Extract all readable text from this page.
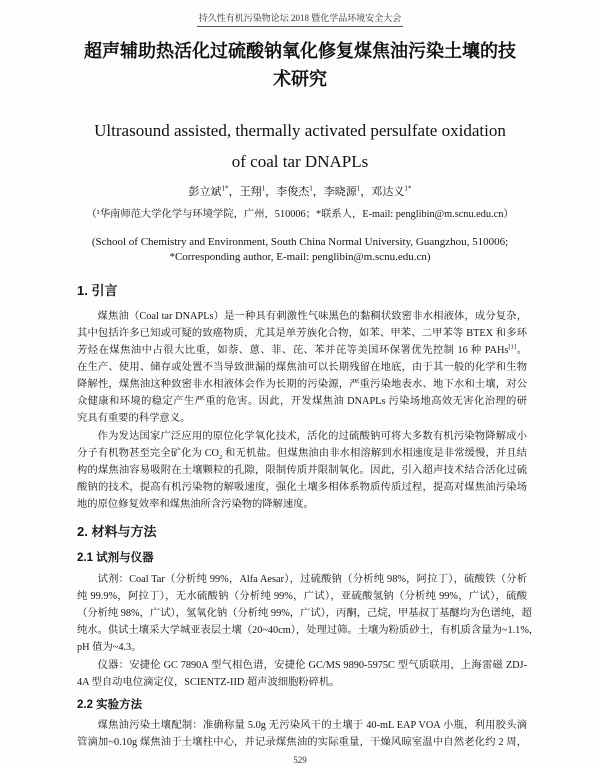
持久性有机污染物论坛 2018 暨化学品环境安全大会
超声辅助热活化过硫酸钠氧化修复煤焦油污染土壤的技
术研究
Ultrasound assisted, thermally activated persulfate oxidation
of coal tar DNAPLs
彭立斌$^{1*}$，王翔$^1$，李俊杰$^1$，李晓源$^1$，邓达义$^{1*}$
（¹华南师范大学化学与环境学院，广州，510006；*联系人，E-mail: penglibin@m.scnu.edu.cn）
(School of Chemistry and Environment, South China Normal University, Guangzhou, 510006;
*Corresponding author, E-mail: penglibin@m.scnu.edu.cn)
1. 引言
煤焦油（Coal tar DNAPLs）是一种具有刺激性气味黑色的黏稠状致密非水相液体，成分复杂，
其中包括许多已知或可疑的致癌物质，尤其是单芳族化合物，如苯、甲苯、二甲苯等 BTEX 和多环
芳烃在煤焦油中占很大比重，如萘、蒽、菲、芘、苯并芘等美国环保署优先控制 16 种 PAHs[1]。
在生产、使用、储存或处置不当导致泄漏的煤焦油可以长期残留在地底，由于其一般的化学和生物
降解性，煤焦油这种致密非水相液体会作为长期的污染源，严重污染地表水、地下水和土壤，对公
众健康和环境的稳定产生严重的危害。因此，开发煤焦油 DNAPLs 污染场地高效无害化治理的研
究具有重要的科学意义。
作为发达国家广泛应用的原位化学氧化技术，活化的过硫酸钠可将大多数有机污染物降解成小
分子有机物甚至完全矿化为 $CO_2$ 和无机盐。但煤焦油由非水相溶解到水相速度是非常缓慢，并且结
构的煤焦油容易吸附在土壤颗粒的孔隙，限制传质并限制氧化。因此，引入超声技术结合活化过硫
酸钠的技术，提高有机污染物的解吸速度，强化土壤多相体系物质传质过程，提高对煤焦油污染场
地的原位修复效率和煤焦油所含污染物的降解速度。
2. 材料与方法
2.1 试剂与仪器
试剂：Coal Tar（分析纯 99%，Alfa Aesar），过硫酸钠（分析纯 98%，阿拉丁），硫酸铁（分析
纯 99.9%，阿拉丁），无水硫酸钠（分析纯 99%，广试），亚硫酸氢钠（分析纯 99%，广试），硫酸
（分析纯 98%，广试），氢氧化钠（分析纯 99%，广试），丙酮，己烷，甲基叔丁基醚均为色谱纯，超
纯水。供试土壤采大学城亚表层土壤（20~40cm），处理过筛。土壤为粉质砂土，有机质含量为~1.1%，
pH 值为~4.3。
仪器：安捷伦 GC 7890A 型气相色谱，安捷伦 GC/MS 9890-5975C 型气质联用，上海雷磁 ZDJ-
4A 型自动电位滴定仪，SCIENTZ-IID 超声波细胞粉碎机。
2.2 实验方法
煤焦油污染土壤配制：准确称量 5.0g 无污染风干的土壤于 40-mL EAP VOA 小瓶，利用胶头滴
管滴加~0.10g 煤焦油于土壤柱中心，并记录煤焦油的实际重量，干燥风晾室温中自然老化约 2 周，
529
